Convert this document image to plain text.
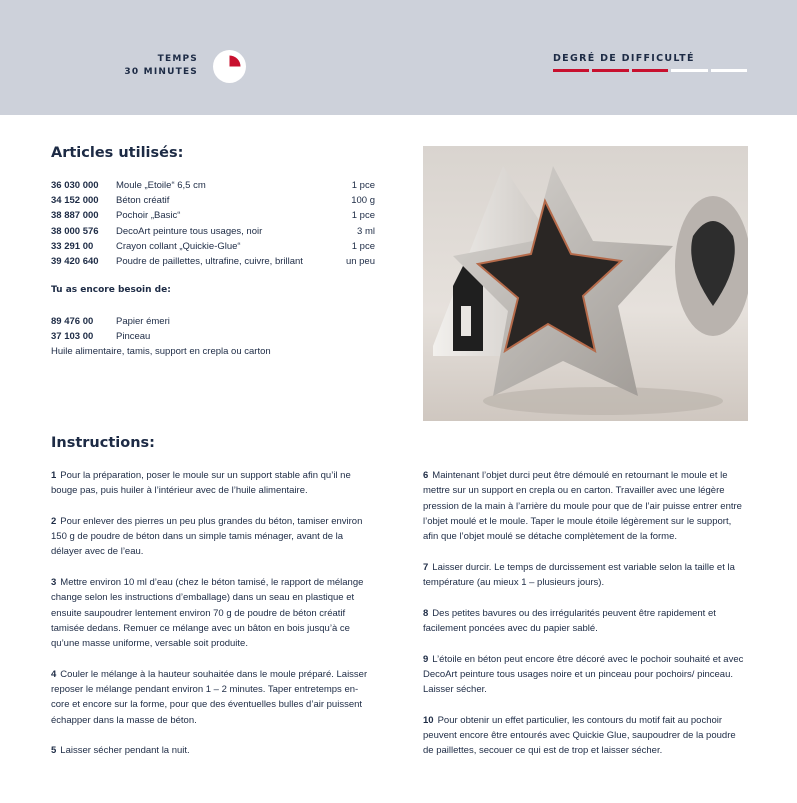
TEMPS
30 MINUTES
DEGRÉ DE DIFFICULTÉ
Articles utilisés:
36 030 000	Moule „Etoile“ 6,5 cm	1 pce
34 152 000	Béton créatif	100 g
38 887 000	Pochoir „Basic“	1 pce
38 000 576	DecoArt peinture tous usages, noir	3 ml
33 291 00	Crayon collant „Quickie-Glue“	1 pce
39 420 640	Poudre de paillettes, ultrafine, cuivre, brillant	un peu
Tu as encore besoin de:
89 476 00	Papier émeri
37 103 00	Pinceau
Huile alimentaire, tamis, support en crepla ou carton
Instructions:
1 Pour la préparation, poser le moule sur un support stable afin qu’il ne bouge pas, puis huiler à l’intérieur avec de l’huile alimentaire.
2 Pour enlever des pierres un peu plus grandes du béton, tamiser environ 150 g de poudre de béton dans un simple tamis ménager, avant de la délayer avec de l’eau.
3 Mettre environ 10 ml d’eau (chez le béton tamisé, le rapport de mélange change selon les instructions d’emballage) dans un seau en plastique et ensuite saupoudrer lentement environ 70 g de poudre de béton créatif tamisée dedans. Remuer ce mélange avec un bâton en bois jusqu’à ce qu’une masse uniforme, versable soit produite.
4 Couler le mélange à la hauteur souhaitée dans le moule préparé. Laisser reposer le mélange pendant environ 1 – 2 minutes. Taper entretemps en-core et encore sur la forme, pour que des éventuelles bulles d’air puissent échapper dans la masse de béton.
5 Laisser sécher pendant la nuit.
6 Maintenant l’objet durci peut être démoulé en retournant le moule et le mettre sur un support en crepla ou en carton. Travailler avec une légère pression de la main à l’arrière du moule pour que de l’air puisse entrer entre l’objet moulé et le moule. Taper le moule étoile légèrement sur le support, afin que l’objet moulé se détache complètement de la forme.
7 Laisser durcir. Le temps de durcissement est variable selon la taille et la température (au mieux 1 – plusieurs jours).
8 Des petites bavures ou des irrégularités peuvent être rapidement et facilement poncées avec du papier sablé.
9 L’étoile en béton peut encore être décoré avec le pochoir souhaité et avec DecoArt peinture tous usages noire et un pinceau pour pochoirs/ pinceau. Laisser sécher.
10 Pour obtenir un effet particulier, les contours du motif fait au pochoir peuvent encore être entourés avec Quickie Glue, saupoudrer de la poudre de paillettes, secouer ce qui est de trop et laisser sécher.
